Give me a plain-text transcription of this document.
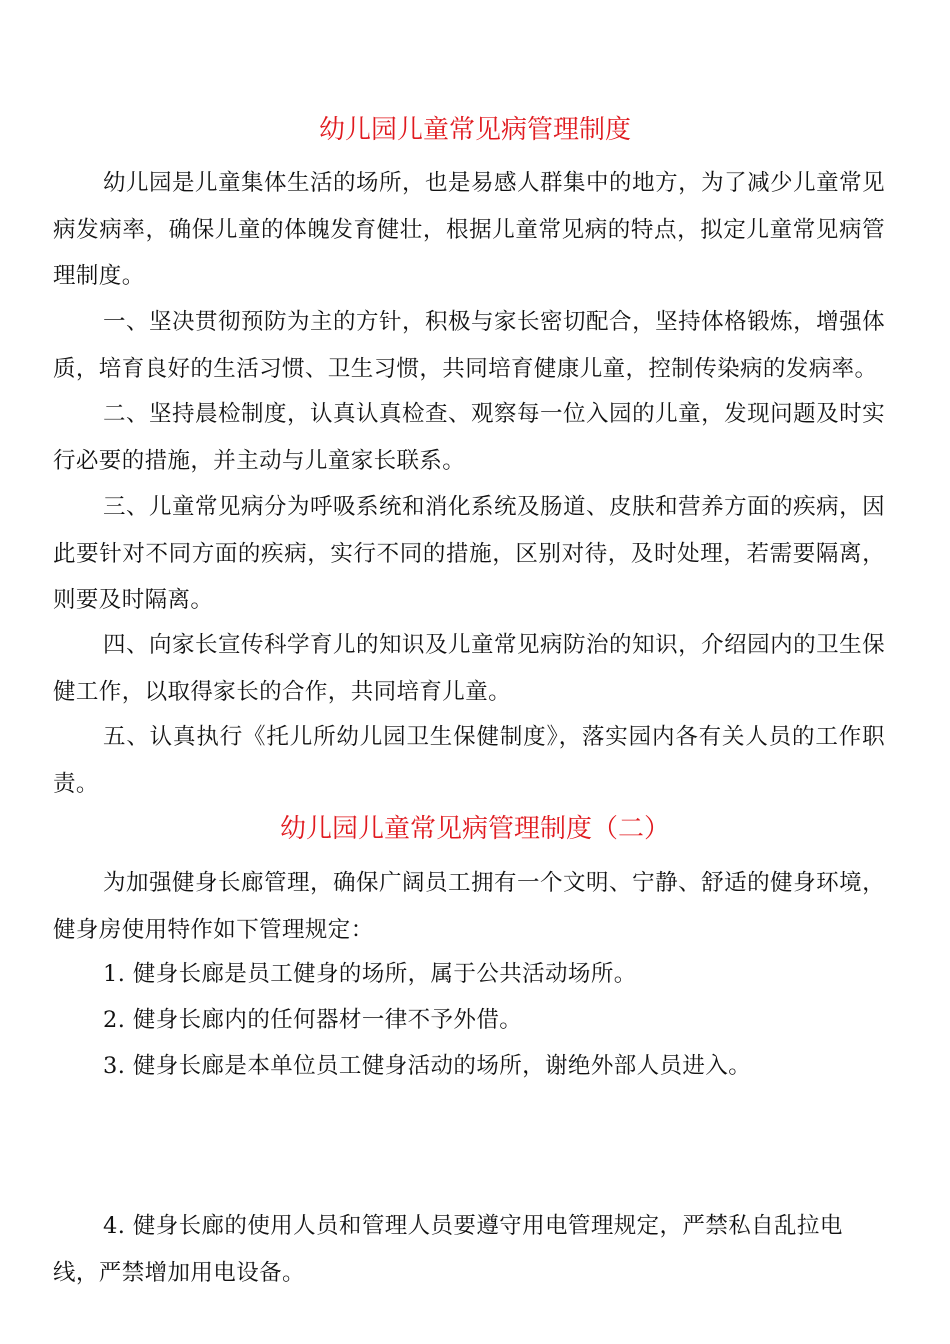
幼儿园儿童常见病管理制度

幼儿园是儿童集体生活的场所，也是易感人群集中的地方，为了减少儿童常见病发病率，确保儿童的体魄发育健壮，根据儿童常见病的特点，拟定儿童常见病管理制度。

一、坚决贯彻预防为主的方针，积极与家长密切配合，坚持体格锻炼，增强体质，培育良好的生活习惯、卫生习惯，共同培育健康儿童，控制传染病的发病率。

二、坚持晨检制度，认真认真检查、观察每一位入园的儿童，发现问题及时实行必要的措施，并主动与儿童家长联系。

三、儿童常见病分为呼吸系统和消化系统及肠道、皮肤和营养方面的疾病，因此要针对不同方面的疾病，实行不同的措施，区别对待，及时处理，若需要隔离，则要及时隔离。

四、向家长宣传科学育儿的知识及儿童常见病防治的知识，介绍园内的卫生保健工作，以取得家长的合作，共同培育儿童。

五、认真执行《托儿所幼儿园卫生保健制度》，落实园内各有关人员的工作职责。

幼儿园儿童常见病管理制度（二）

为加强健身长廊管理，确保广阔员工拥有一个文明、宁静、舒适的健身环境，健身房使用特作如下管理规定：

1. 健身长廊是员工健身的场所，属于公共活动场所。

2. 健身长廊内的任何器材一律不予外借。

3. 健身长廊是本单位员工健身活动的场所，谢绝外部人员进入。

4. 健身长廊的使用人员和管理人员要遵守用电管理规定，严禁私自乱拉电线，严禁增加用电设备。
